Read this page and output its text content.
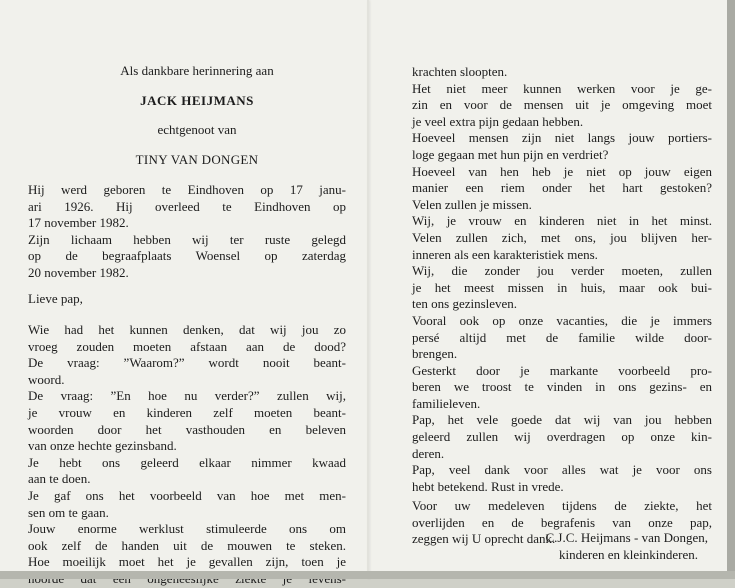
Als dankbare herinnering aan
JACK HEIJMANS
echtgenoot van
TINY VAN DONGEN
Hij werd geboren te Eindhoven op 17 janu-
ari 1926. Hij overleed te Eindhoven op
17 november 1982.
Zijn lichaam hebben wij ter ruste gelegd
op de begraafplaats Woensel op zaterdag
20 november 1982.
Lieve pap,
Wie had het kunnen denken, dat wij jou zo
vroeg zouden moeten afstaan aan de dood?
De vraag: ”Waarom?” wordt nooit beant-
woord.
De vraag: ”En hoe nu verder?” zullen wij,
je vrouw en kinderen zelf moeten beant-
woorden door het vasthouden en beleven
van onze hechte gezinsband.
Je hebt ons geleerd elkaar nimmer kwaad
aan te doen.
Je gaf ons het voorbeeld van hoe met men-
sen om te gaan.
Jouw enorme werklust stimuleerde ons om
ook zelf de handen uit de mouwen te steken.
Hoe moeilijk moet het je gevallen zijn, toen je
krachten slоopten.
Het niet meer kunnen werken voor je ge-
zin en voor de mensen uit je omgeving moet
je veel extra pijn gedaan hebben.
Hoeveel mensen zijn niet langs jouw portiers-
loge gegaan met hun pijn en verdriet?
Hoeveel van hen heb je niet op jouw eigen
manier een riem onder het hart gestoken?
Velen zullen je missen.
Wij, je vrouw en kinderen niet in het minst.
Velen zullen zich, met ons, jou blijven her-
inneren als een karakteristiek mens.
Wij, die zonder jou verder moeten, zullen
je het meest missen in huis, maar ook bui-
ten ons gezinsleven.
Vooral ook op onze vacanties, die je immers
persé altijd met de familie wilde door-
brengen.
Gesterkt door je markante voorbeeld pro-
beren we troost te vinden in ons gezins- en
familieleven.
Pap, het vele goede dat wij van jou hebben
geleerd zullen wij overdragen op onze kin-
deren.
Pap, veel dank voor alles wat je voor ons
hebt betekend. Rust in vrede.
Voor uw medeleven tijdens de ziekte, het
overlijden en de begrafenis van onze pap,
zeggen wij U oprecht dank.
C.J.C. Heijmans - van Dongen,
kinderen en kleinkinderen.
